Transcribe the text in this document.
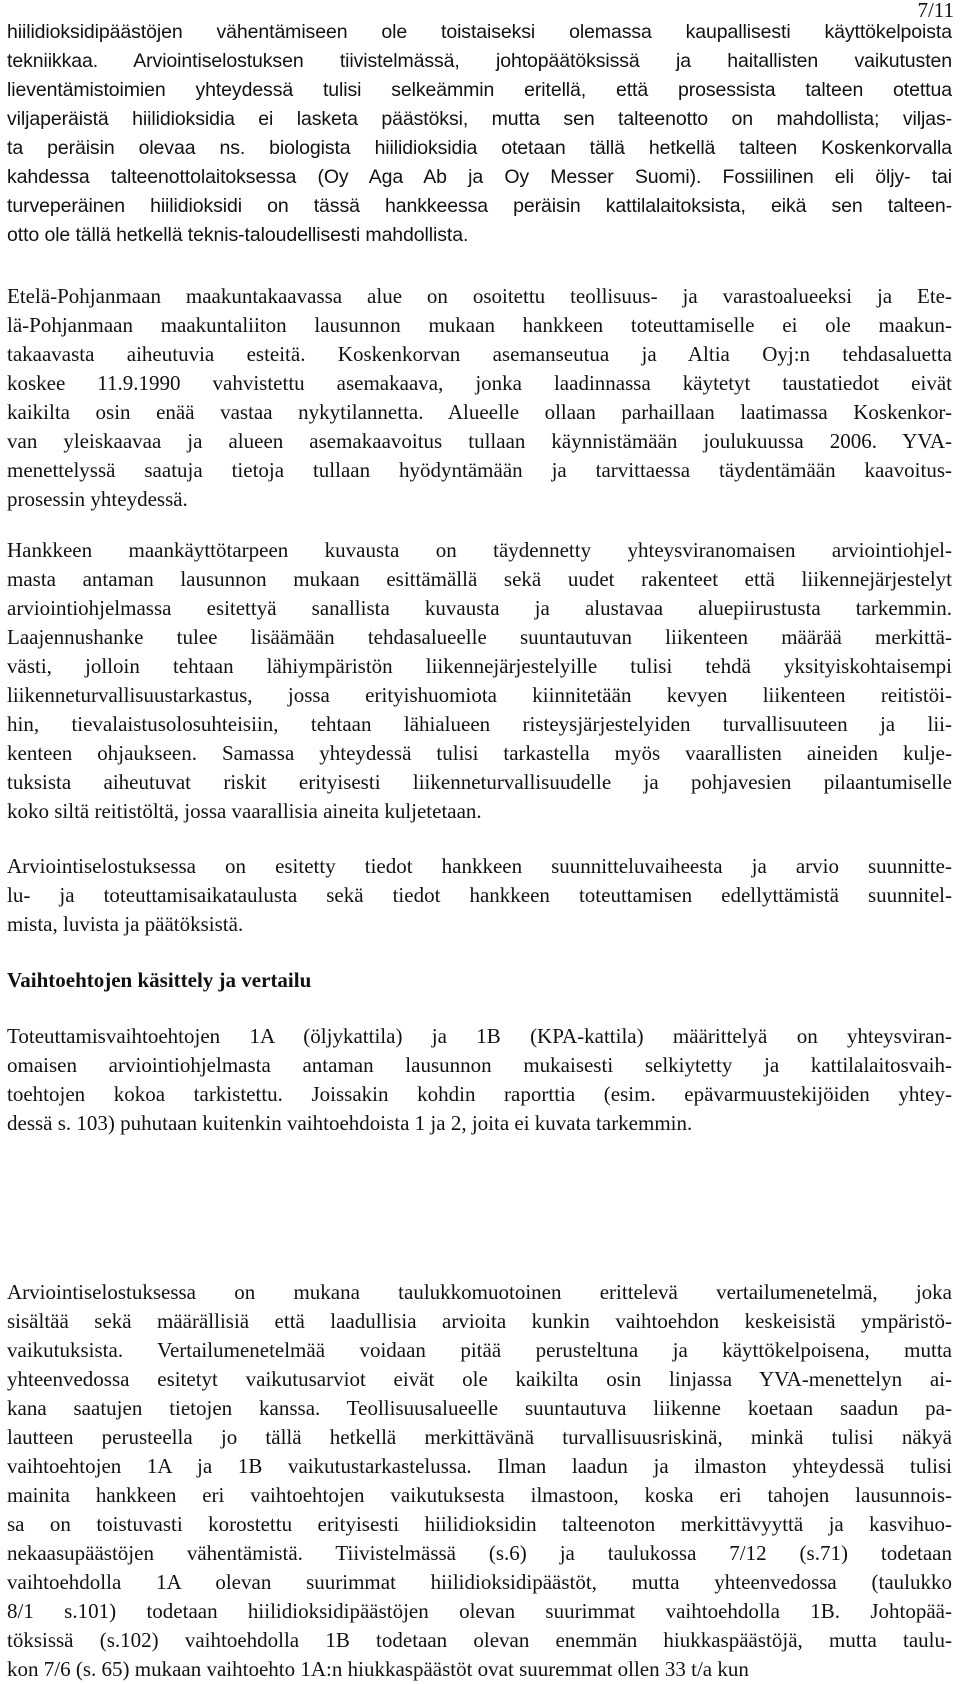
7/11
hiilidioksidipäästöjen vähentämiseen ole toistaiseksi olemassa kaupallisesti käyttökelpoista
tekniikkaa. Arviointiselostuksen tiivistelmässä, johtopäätöksissä ja haitallisten vaikutusten
lieventämistoimien yhteydessä tulisi selkeämmin eritellä, että prosessista talteen otettua
viljaperäistä hiilidioksidia ei lasketa päästöksi, mutta sen talteenotto on mahdollista; viljas-
ta peräisin olevaa ns. biologista hiilidioksidia otetaan tällä hetkellä talteen Koskenkorvalla
kahdessa talteenottolaitoksessa (Oy Aga Ab ja Oy Messer Suomi). Fossiilinen eli öljy- tai
turveperäinen hiilidioksidi on tässä hankkeessa peräisin kattilalaitoksista, eikä sen talteen-
otto ole tällä hetkellä teknis-taloudellisesti mahdollista.
Etelä-Pohjanmaan maakuntakaavassa alue on osoitettu teollisuus- ja varastoalueeksi ja Ete-
lä-Pohjanmaan maakuntaliiton lausunnon mukaan hankkeen toteuttamiselle ei ole maakun-
takaavasta aiheutuvia esteitä. Koskenkorvan asemanseutua ja Altia Oyj:n tehdasaluetta
koskee 11.9.1990 vahvistettu asemakaava, jonka laadinnassa käytetyt taustatiedot eivät
kaikilta osin enää vastaa nykytilannetta. Alueelle ollaan parhaillaan laatimassa Koskenkor-
van yleiskaavaa ja alueen asemakaavoitus tullaan käynnistämään joulukuussa 2006. YVA-
menettelyssä saatuja tietoja tullaan hyödyntämään ja tarvittaessa täydentämään kaavoitus-
prosessin yhteydessä.
Hankkeen maankäyttötarpeen kuvausta on täydennetty yhteysviranomaisen arviointiohjel-
masta antaman lausunnon mukaan esittämällä sekä uudet rakenteet että liikennejärjestelyt
arviointiohjelmassa esitettyä sanallista kuvausta ja alustavaa aluepiirustusta tarkemmin.
Laajennushanke tulee lisäämään tehdasalueelle suuntautuvan liikenteen määrää merkittä-
västi, jolloin tehtaan lähiympäristön liikennejärjestelyille tulisi tehdä yksityiskohtaisempi
liikenneturvallisuustarkastus, jossa erityishuomiota kiinnitetään kevyen liikenteen reitistöi-
hin, tievalaistusolosuhteisiin, tehtaan lähialueen risteysjärjestelyiden turvallisuuteen ja lii-
kenteen ohjaukseen. Samassa yhteydessä tulisi tarkastella myös vaarallisten aineiden kulje-
tuksista aiheutuvat riskit erityisesti liikenneturvallisuudelle ja pohjavesien pilaantumiselle
koko siltä reitistöltä, jossa vaarallisia aineita kuljetetaan.
Arviointiselostuksessa on esitetty tiedot hankkeen suunnitteluvaiheesta ja arvio suunnitte-
lu- ja toteuttamisaikataulusta sekä tiedot hankkeen toteuttamisen edellyttämistä suunnitel-
mista, luvista ja päätöksistä.
Vaihtoehtojen käsittely ja vertailu
Toteuttamisvaihtoehtojen 1A (öljykattila) ja 1B (KPA-kattila) määrittelyä on yhteysviran-
omaisen arviointiohjelmasta antaman lausunnon mukaisesti selkiytetty ja kattilalaitosvaih-
toehtojen kokoa tarkistettu. Joissakin kohdin raporttia (esim. epävarmuustekijöiden yhtey-
dessä s. 103) puhutaan kuitenkin vaihtoehdoista 1 ja 2, joita ei kuvata tarkemmin.
Arviointiselostuksessa on mukana taulukkomuotoinen erittelevä vertailumenetelmä, joka
sisältää sekä määrällisiä että laadullisia arvioita kunkin vaihtoehdon keskeisistä ympäristö-
vaikutuksista. Vertailumenetelmää voidaan pitää perusteltuna ja käyttökelpoisena, mutta
yhteenvedossa esitetyt vaikutusarviot eivät ole kaikilta osin linjassa YVA-menettelyn ai-
kana saatujen tietojen kanssa. Teollisuusalueelle suuntautuva liikenne koetaan saadun pa-
lautteen perusteella jo tällä hetkellä merkittävänä turvallisuusriskinä, minkä tulisi näkyä
vaihtoehtojen 1A ja 1B vaikutustarkastelussa. Ilman laadun ja ilmaston yhteydessä tulisi
mainita hankkeen eri vaihtoehtojen vaikutuksesta ilmastoon, koska eri tahojen lausunnois-
sa on toistuvasti korostettu erityisesti hiilidioksidin talteenoton merkittävyyttä ja kasvihuo-
nekaasupäästöjen vähentämistä. Tiivistelmässä (s.6) ja taulukossa 7/12 (s.71) todetaan
vaihtoehdolla 1A olevan suurimmat hiilidioksidipäästöt, mutta yhteenvedossa (taulukko
8/1 s.101) todetaan hiilidioksidipäästöjen olevan suurimmat vaihtoehdolla 1B. Johtopää-
töksissä (s.102) vaihtoehdolla 1B todetaan olevan enemmän hiukkaspäästöjä, mutta taulu-
kon 7/6 (s. 65) mukaan vaihtoehto 1A:n hiukkaspäästöt ovat suuremmat ollen 33 t/a kun
